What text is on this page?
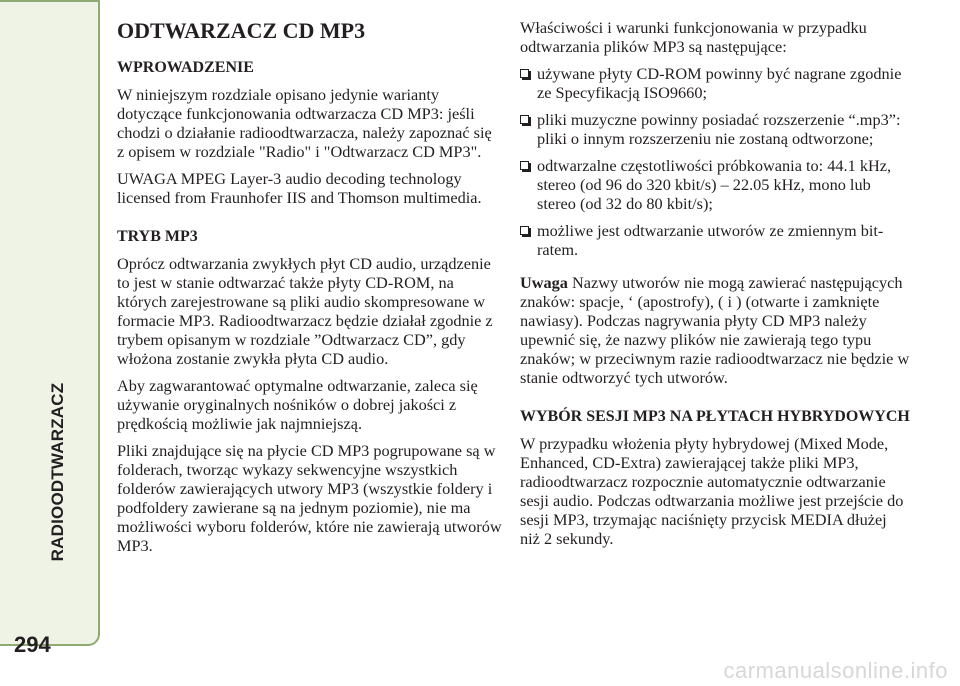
RADIOODTWARZACZ
294
ODTWARZACZ CD MP3
WPROWADZENIE

W niniejszym rozdziale opisano jedynie warianty dotyczące funkcjonowania odtwarzacza CD MP3: jeśli chodzi o działanie radioodtwarzacza, należy zapoznać się z opisem w rozdziale "Radio" i "Odtwarzacz CD MP3".

UWAGA MPEG Layer-3 audio decoding technology licensed from Fraunhofer IIS and Thomson multimedia.

TRYB MP3

Oprócz odtwarzania zwykłych płyt CD audio, urządzenie to jest w stanie odtwarzać także płyty CD-ROM, na których zarejestrowane są pliki audio skompresowane w formacie MP3. Radioodtwarzacz będzie działał zgodnie z trybem opisanym w rozdziale ”Odtwarzacz CD”, gdy włożona zostanie zwykła płyta CD audio.

Aby zagwarantować optymalne odtwarzanie, zaleca się używanie oryginalnych nośników o dobrej jakości z prędkością możliwie jak najmniejszą.

Pliki znajdujące się na płycie CD MP3 pogrupowane są w folderach, tworząc wykazy sekwencyjne wszystkich folderów zawierających utwory MP3 (wszystkie foldery i podfoldery zawierane są na jednym poziomie), nie ma możliwości wyboru folderów, które nie zawierają utworów MP3.

Właściwości i warunki funkcjonowania w przypadku odtwarzania plików MP3 są następujące:

używane płyty CD-ROM powinny być nagrane zgodnie ze Specyfikacją ISO9660;
pliki muzyczne powinny posiadać rozszerzenie “.mp3”: pliki o innym rozszerzeniu nie zostaną odtworzone;
odtwarzalne częstotliwości próbkowania to: 44.1 kHz, stereo (od 96 do 320 kbit/s) – 22.05 kHz, mono lub stereo (od 32 do 80 kbit/s);
możliwe jest odtwarzanie utworów ze zmiennym bit-ratem.

Uwaga Nazwy utworów nie mogą zawierać następujących znaków: spacje, ‘ (apostrofy), ( i ) (otwarte i zamknięte nawiasy). Podczas nagrywania płyty CD MP3 należy upewnić się, że nazwy plików nie zawierają tego typu znaków; w przeciwnym razie radioodtwarzacz nie będzie w stanie odtworzyć tych utworów.

WYBÓR SESJI MP3 NA PŁYTACH HYBRYDOWYCH

W przypadku włożenia płyty hybrydowej (Mixed Mode, Enhanced, CD-Extra) zawierającej także pliki MP3, radioodtwarzacz rozpocznie automatycznie odtwarzanie sesji audio. Podczas odtwarzania możliwe jest przejście do sesji MP3, trzymając naciśnięty przycisk MEDIA dłużej niż 2 sekundy.

carmanualsonline.info
